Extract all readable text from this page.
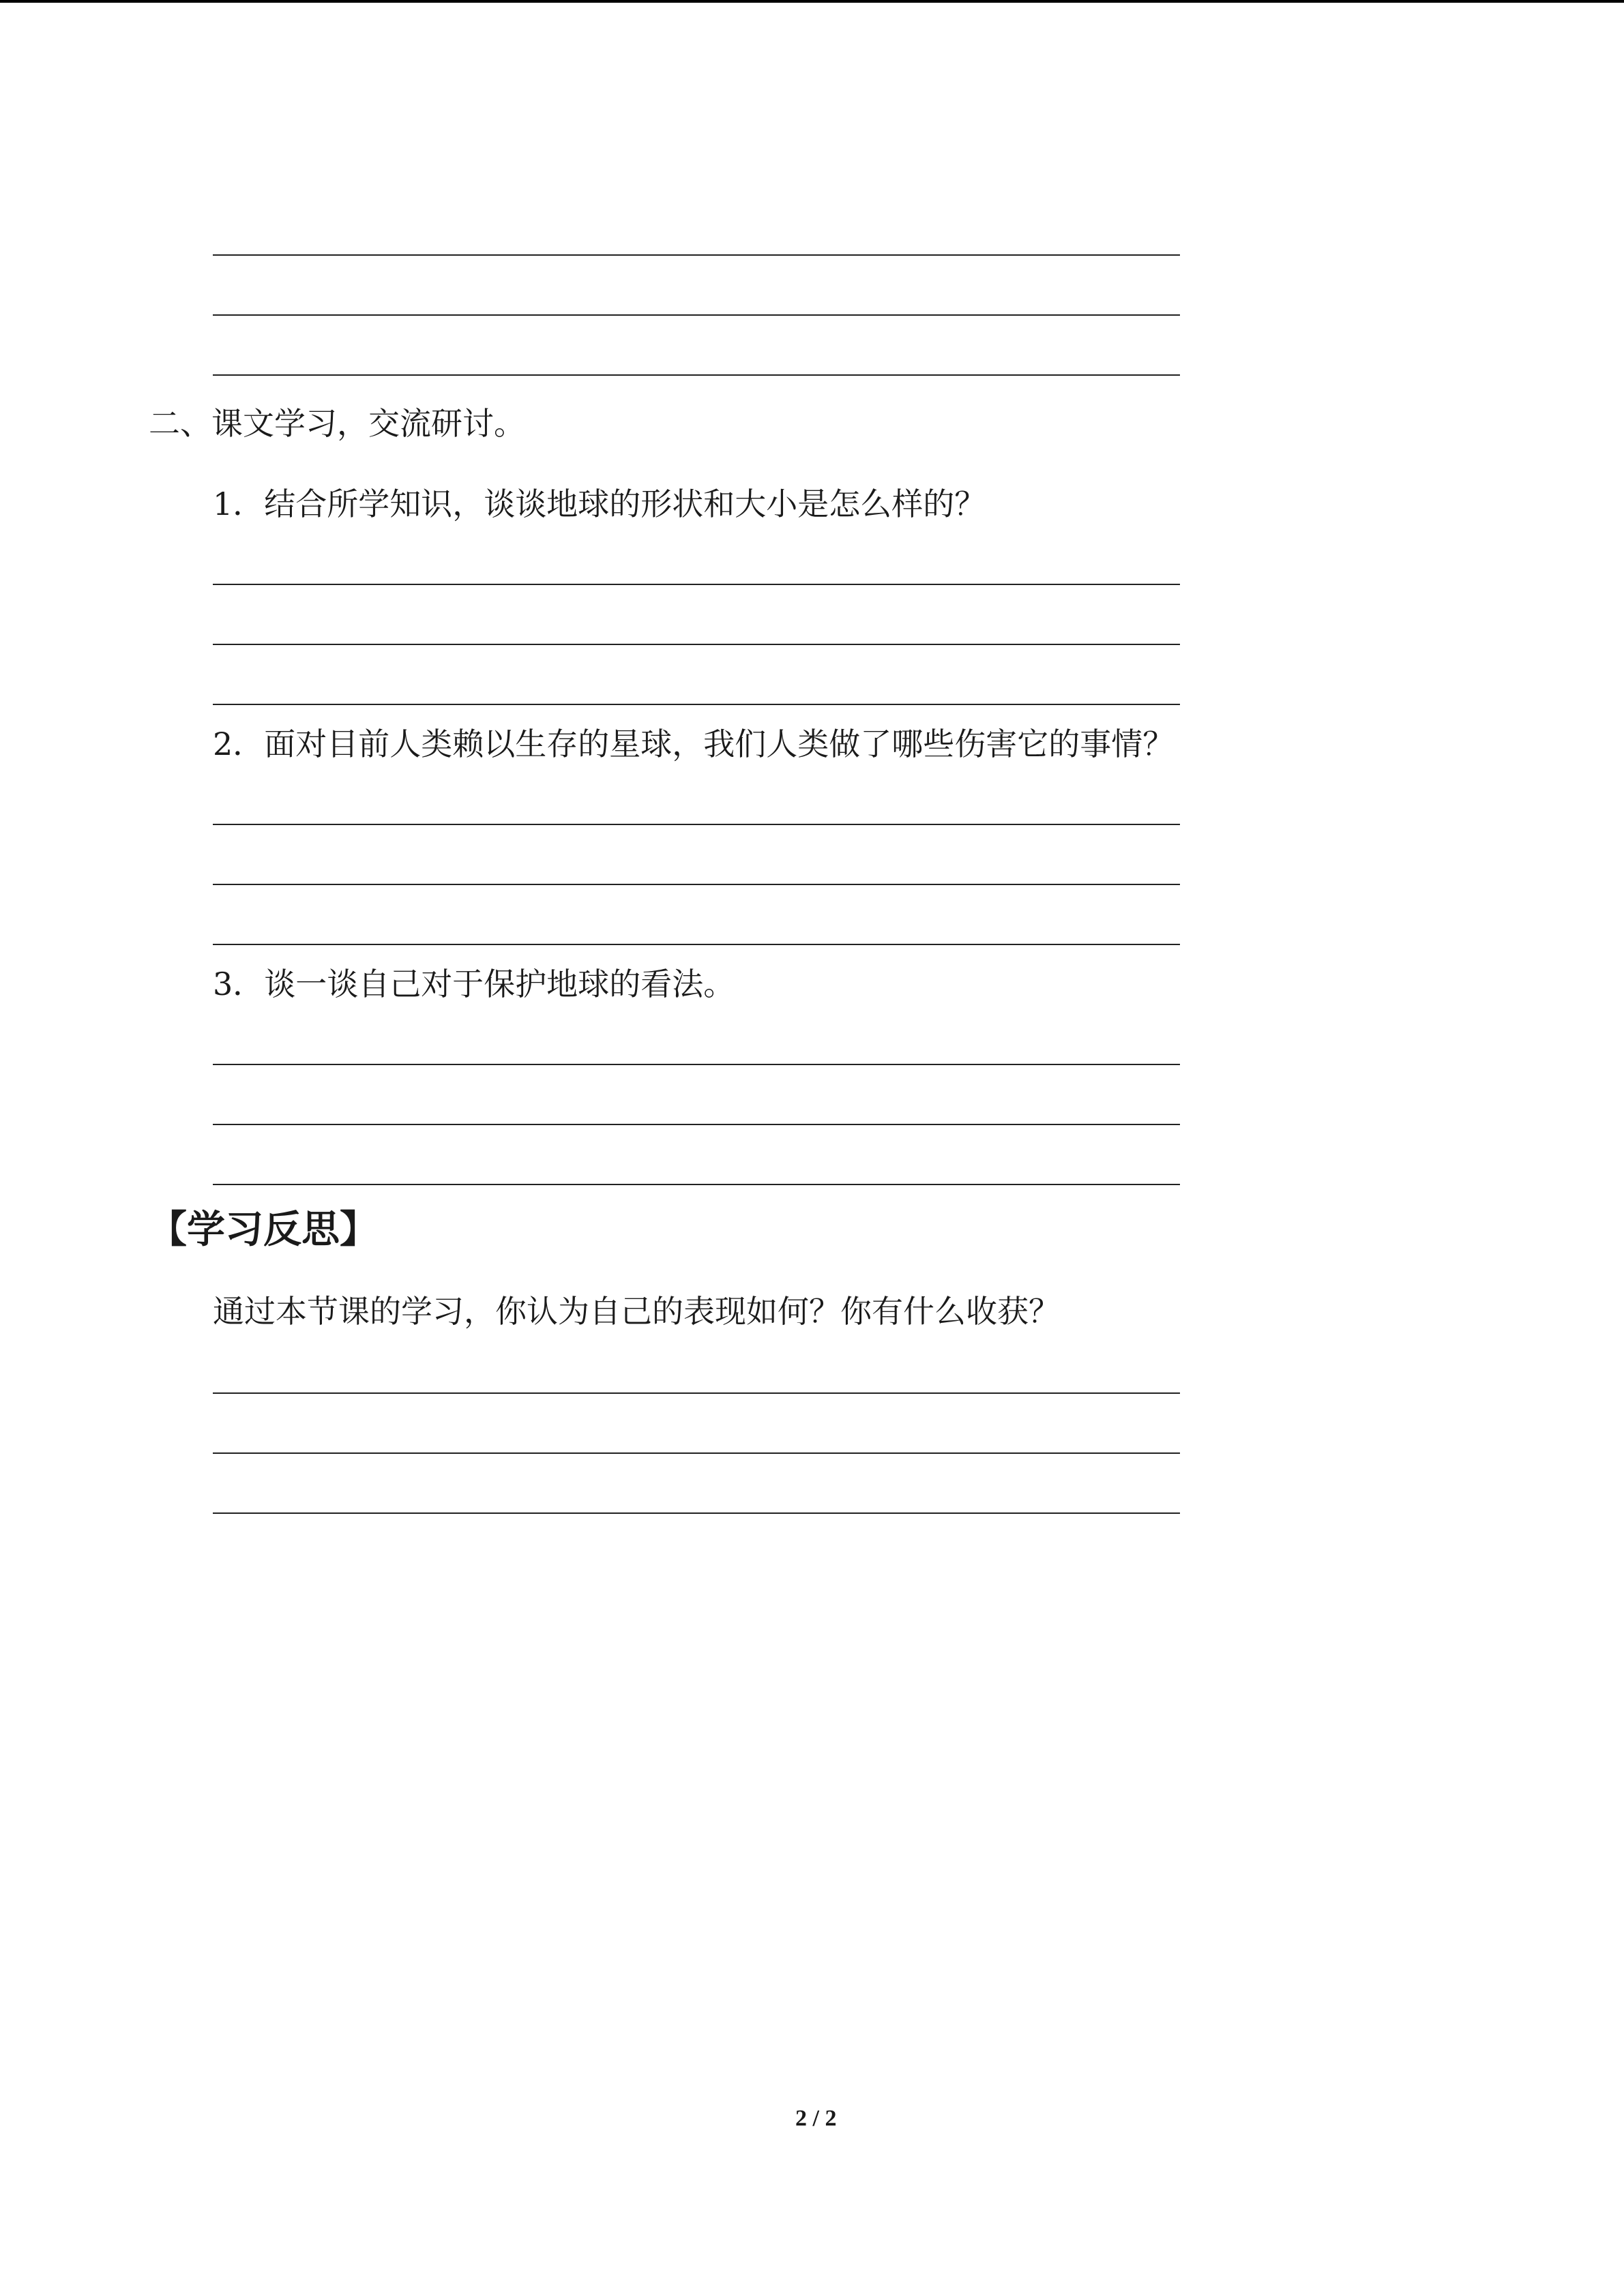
二、课文学习，交流研讨。
1．结合所学知识，谈谈地球的形状和大小是怎么样的？
2．面对目前人类赖以生存的星球，我们人类做了哪些伤害它的事情？
3．谈一谈自己对于保护地球的看法。
【学习反思】
通过本节课的学习，你认为自己的表现如何？你有什么收获？
2 / 2
